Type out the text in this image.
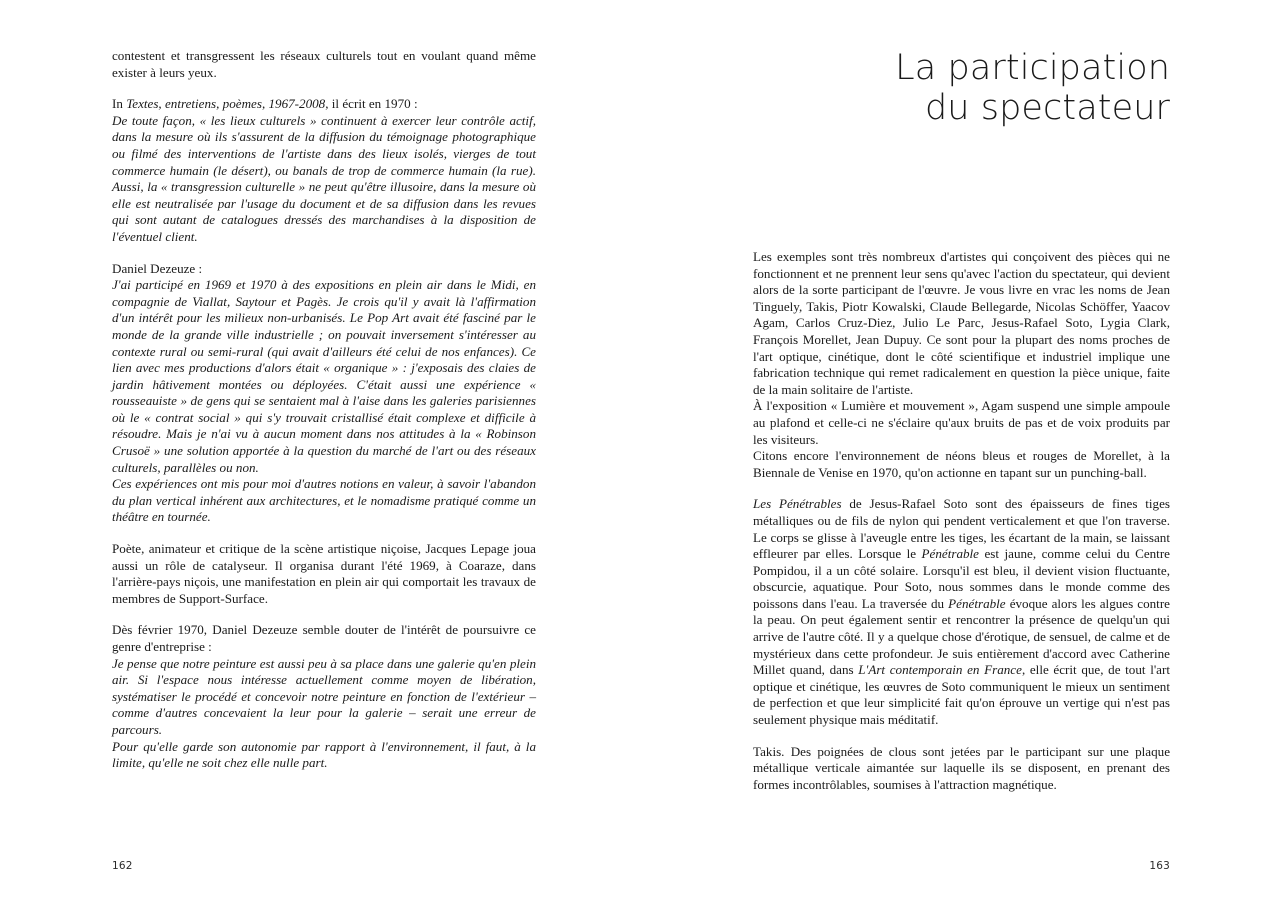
contestent et transgressent les réseaux culturels tout en voulant quand même exister à leurs yeux.

In Textes, entretiens, poèmes, 1967-2008, il écrit en 1970 :

De toute façon, « les lieux culturels » continuent à exercer leur contrôle actif, dans la mesure où ils s'assurent de la diffusion du témoignage photographique ou filmé des interventions de l'artiste dans des lieux isolés, vierges de tout commerce humain (le désert), ou banals de trop de commerce humain (la rue). Aussi, la « transgression culturelle » ne peut qu'être illusoire, dans la mesure où elle est neutralisée par l'usage du document et de sa diffusion dans les revues qui sont autant de catalogues dressés des marchandises à la disposition de l'éventuel client.

Daniel Dezeuze :

J'ai participé en 1969 et 1970 à des expositions en plein air dans le Midi, en compagnie de Viallat, Saytour et Pagès. Je crois qu'il y avait là l'affirmation d'un intérêt pour les milieux non-urbanisés. Le Pop Art avait été fasciné par le monde de la grande ville industrielle ; on pouvait inversement s'intéresser au contexte rural ou semi-rural (qui avait d'ailleurs été celui de nos enfances). Ce lien avec mes productions d'alors était « organique » : j'exposais des claies de jardin hâtivement montées ou déployées. C'était aussi une expérience « rousseauiste » de gens qui se sentaient mal à l'aise dans les galeries parisiennes où le « contrat social » qui s'y trouvait cristallisé était complexe et difficile à résoudre. Mais je n'ai vu à aucun moment dans nos attitudes à la « Robinson Crusoë » une solution apportée à la question du marché de l'art ou des réseaux culturels, parallèles ou non.

Ces expériences ont mis pour moi d'autres notions en valeur, à savoir l'abandon du plan vertical inhérent aux architectures, et le nomadisme pratiqué comme un théâtre en tournée.

Poète, animateur et critique de la scène artistique niçoise, Jacques Lepage joua aussi un rôle de catalyseur. Il organisa durant l'été 1969, à Coaraze, dans l'arrière-pays niçois, une manifestation en plein air qui comportait les travaux de membres de Support-Surface.

Dès février 1970, Daniel Dezeuze semble douter de l'intérêt de poursuivre ce genre d'entreprise :

Je pense que notre peinture est aussi peu à sa place dans une galerie qu'en plein air. Si l'espace nous intéresse actuellement comme moyen de libération, systématiser le procédé et concevoir notre peinture en fonction de l'extérieur – comme d'autres concevaient la leur pour la galerie – serait une erreur de parcours.

Pour qu'elle garde son autonomie par rapport à l'environnement, il faut, à la limite, qu'elle ne soit chez elle nulle part.

162
La participation
du spectateur

Les exemples sont très nombreux d'artistes qui conçoivent des pièces qui ne fonctionnent et ne prennent leur sens qu'avec l'action du spectateur, qui devient alors de la sorte participant de l'œuvre. Je vous livre en vrac les noms de Jean Tinguely, Takis, Piotr Kowalski, Claude Bellegarde, Nicolas Schöffer, Yaacov Agam, Carlos Cruz-Diez, Julio Le Parc, Jesus-Rafael Soto, Lygia Clark, François Morellet, Jean Dupuy. Ce sont pour la plupart des noms proches de l'art optique, cinétique, dont le côté scientifique et industriel implique une fabrication technique qui remet radicalement en question la pièce unique, faite de la main solitaire de l'artiste.

À l'exposition « Lumière et mouvement », Agam suspend une simple ampoule au plafond et celle-ci ne s'éclaire qu'aux bruits de pas et de voix produits par les visiteurs.

Citons encore l'environnement de néons bleus et rouges de Morellet, à la Biennale de Venise en 1970, qu'on actionne en tapant sur un punching-ball.

Les Pénétrables de Jesus-Rafael Soto sont des épaisseurs de fines tiges métalliques ou de fils de nylon qui pendent verticalement et que l'on traverse. Le corps se glisse à l'aveugle entre les tiges, les écartant de la main, se laissant effleurer par elles. Lorsque le Pénétrable est jaune, comme celui du Centre Pompidou, il a un côté solaire. Lorsqu'il est bleu, il devient vision fluctuante, obscurcie, aquatique. Pour Soto, nous sommes dans le monde comme des poissons dans l'eau. La traversée du Pénétrable évoque alors les algues contre la peau. On peut également sentir et rencontrer la présence de quelqu'un qui arrive de l'autre côté. Il y a quelque chose d'érotique, de sensuel, de calme et de mystérieux dans cette profondeur. Je suis entièrement d'accord avec Catherine Millet quand, dans L'Art contemporain en France, elle écrit que, de tout l'art optique et cinétique, les œuvres de Soto communiquent le mieux un sentiment de perfection et que leur simplicité fait qu'on éprouve un vertige qui n'est pas seulement physique mais méditatif.

Takis. Des poignées de clous sont jetées par le participant sur une plaque métallique verticale aimantée sur laquelle ils se disposent, en prenant des formes incontrôlables, soumises à l'attraction magnétique.

163
